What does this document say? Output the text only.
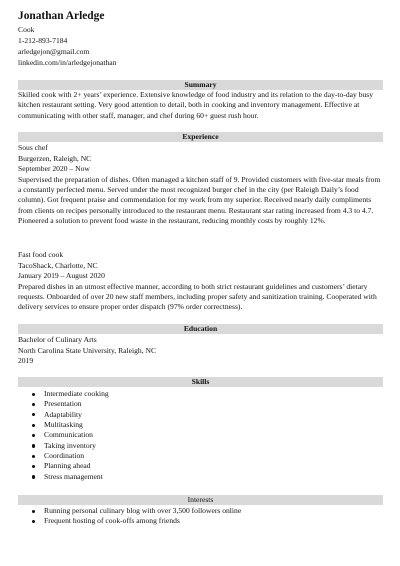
Jonathan Arledge
Cook
1-212-893-7184
arledgejon@gmail.com
linkedin.com/in/arledgejonathan
Summary

Skilled cook with 2+ years’ experience. Extensive knowledge of food industry and its relation to the day-to-day busy kitchen restaurant setting. Very good attention to detail, both in cooking and inventory management. Effective at communicating with other staff, manager, and chef during 60+ guest rush hour.

Experience
Sous chef
Burgerzen, Raleigh, NC
September 2020 – Now

Supervised the preparation of dishes. Often managed a kitchen staff of 9. Provided customers with five-star meals from a constantly perfected menu. Served under the most recognized burger chef in the city (per Raleigh Daily’s food column). Got frequent praise and commendation for my work from my superior. Received nearly daily compliments from clients on recipes personally introduced to the restaurant menu. Restaurant star rating increased from 4.3 to 4.7. Pioneered a solution to prevent food waste in the restaurant, reducing monthly costs by roughly 12%.

Fast food cook
TacoShack, Charlotte, NC
January 2019 – August 2020

Prepared dishes in an utmost effective manner, according to both strict restaurant guidelines and customers’ dietary requests. Onboarded of over 20 new staff members, including proper safety and sanitization training. Cooperated with delivery services to ensure proper order dispatch (97% order correctness).

Education
Bachelor of Culinary Arts
North Carolina State University, Raleigh, NC
2019
Skills
Intermediate cooking
Presentation
Adaptability
Multitasking
Communication
Taking inventory
Coordination
Planning ahead
Stress management
Interests
Running personal culinary blog with over 3,500 followers online
Frequent hosting of cook-offs among friends
